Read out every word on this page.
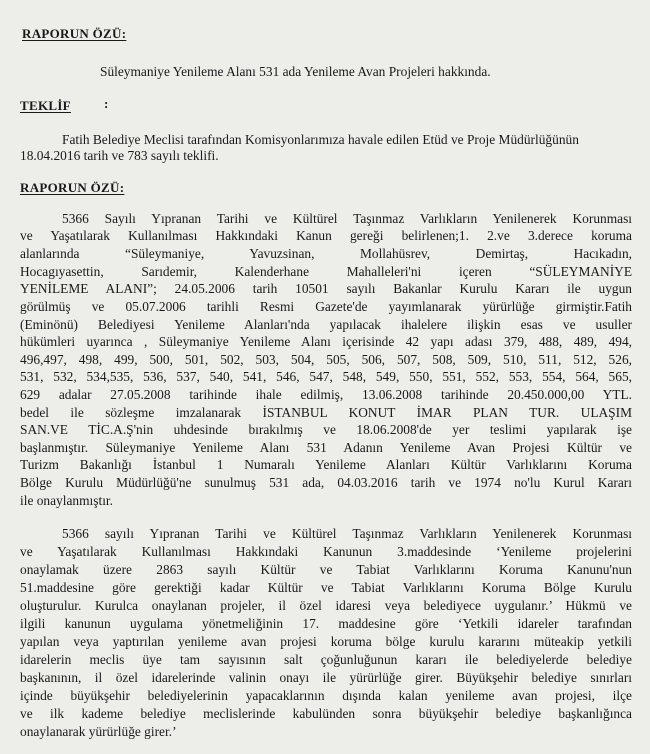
RAPORUN ÖZÜ:
Süleymaniye Yenileme Alanı 531 ada Yenileme Avan Projeleri hakkında.
TEKLİF	:
Fatih Belediye Meclisi tarafından Komisyonlarımıza havale edilen Etüd ve Proje Müdürlüğünün
18.04.2016 tarih ve 783 sayılı teklifi.
RAPORUN ÖZÜ:
5366 Sayılı Yıpranan Tarihi ve Kültürel Taşınmaz Varlıkların Yenilenerek Korunması
ve Yaşatılarak Kullanılması Hakkındaki Kanun gereği belirlenen;1. 2.ve 3.derece koruma
alanlarında “Süleymaniye, Yavuzsinan, Mollahüsrev, Demirtaş, Hacıkadın,
Hocagıyasettin, Sarıdemir, Kalenderhane Mahalleleri'ni içeren “SÜLEYMANİYE
YENİLEME ALANI”; 24.05.2006 tarih 10501 sayılı Bakanlar Kurulu Kararı ile uygun
görülmüş ve 05.07.2006 tarihli Resmi Gazete'de yayımlanarak yürürlüğe girmiştir.Fatih
(Eminönü) Belediyesi Yenileme Alanları'nda yapılacak ihalelere ilişkin esas ve usuller
hükümleri uyarınca , Süleymaniye Yenileme Alanı içerisinde 42 yapı adası 379, 488, 489, 494,
496,497, 498, 499, 500, 501, 502, 503, 504, 505, 506, 507, 508, 509, 510, 511, 512, 526,
531, 532, 534,535, 536, 537, 540, 541, 546, 547, 548, 549, 550, 551, 552, 553, 554, 564, 565,
629 adalar 27.05.2008 tarihinde ihale edilmiş, 13.06.2008 tarihinde 20.450.000,00 YTL.
bedel ile sözleşme imzalanarak İSTANBUL KONUT İMAR PLAN TUR. ULAŞIM
SAN.VE TİC.A.Ş'nin uhdesinde bırakılmış ve 18.06.2008'de yer teslimi yapılarak işe
başlanmıştır. Süleymaniye Yenileme Alanı 531 Adanın Yenileme Avan Projesi Kültür ve
Turizm Bakanlığı İstanbul 1 Numaralı Yenileme Alanları Kültür Varlıklarını Koruma
Bölge Kurulu Müdürlüğü'ne sunulmuş 531 ada, 04.03.2016 tarih ve 1974 no'lu Kurul Kararı
ile onaylanmıştır.
5366 sayılı Yıpranan Tarihi ve Kültürel Taşınmaz Varlıkların Yenilenerek Korunması
ve Yaşatılarak Kullanılması Hakkındaki Kanunun 3.maddesinde ‘Yenileme projelerini
onaylamak üzere 2863 sayılı Kültür ve Tabiat Varlıklarını Koruma Kanunu'nun
51.maddesine göre gerektiği kadar Kültür ve Tabiat Varlıklarını Koruma Bölge Kurulu
oluşturulur. Kurulca onaylanan projeler, il özel idaresi veya belediyece uygulanır.’ Hükmü ve
ilgili kanunun uygulama yönetmeliğinin 17. maddesine göre ‘Yetkili idareler tarafından
yapılan veya yaptırılan yenileme avan projesi koruma bölge kurulu kararını müteakip yetkili
idarelerin meclis üye tam sayısının salt çoğunluğunun kararı ile belediyelerde belediye
başkanının, il özel idarelerinde valinin onayı ile yürürlüğe girer. Büyükşehir belediye sınırları
içinde büyükşehir belediyelerinin yapacaklarının dışında kalan yenileme avan projesi, ilçe
ve ilk kademe belediye meclislerinde kabulünden sonra büyükşehir belediye başkanlığınca
onaylanarak yürürlüğe girer.’
